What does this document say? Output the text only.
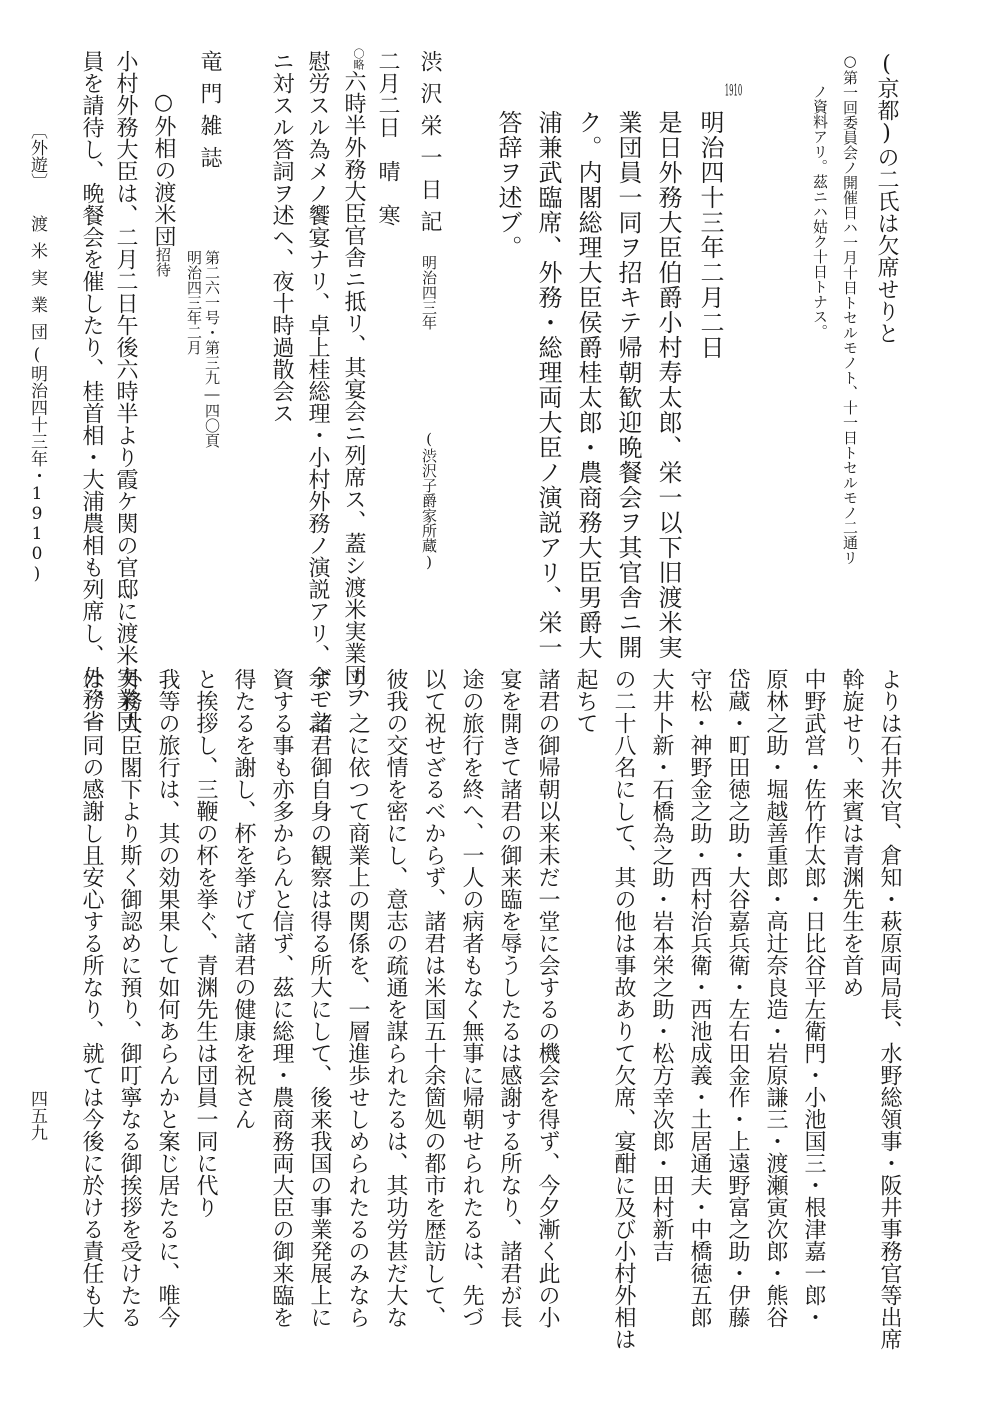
(京都)の二氏は欠席せりと
○第一回委員会ノ開催日ハ一月十日トセルモノト、十一日トセルモノ二通リ
ノ資料アリ。茲ニハ姑ク十日トナス。
1910
明治四十三年二月二日
是日外務大臣伯爵小村寿太郎、栄一以下旧渡米実
業団員一同ヲ招キテ帰朝歓迎晩餐会ヲ其官舎ニ開
ク。内閣総理大臣侯爵桂太郎・農商務大臣男爵大
浦兼武臨席、外務・総理両大臣ノ演説アリ、栄一
答辞ヲ述ブ。
渋沢栄一日記
明治四三年
(渋沢子爵家所蔵)
二月二日　晴　寒
〇略六時半外務大臣官舎ニ抵リ、其宴会ニ列席ス、蓋シ渡米実業団ヲ
慰労スル為メノ饗宴ナリ、卓上桂総理・小村外務ノ演説アリ、余モ之
ニ対スル答詞ヲ述ヘ、夜十時過散会ス
竜門雑誌
第二六一号・第三九―四〇頁
明治四三年二月
○外相の渡米団招待
小村外務大臣は、二月二日午後六時半より霞ケ関の官邸に渡米実業団
員を請待し、晩餐会を催したり、桂首相・大浦農相も列席し、外務省
〔外遊〕
渡米実業団
(明治四十三年・1910)
よりは石井次官、倉知・萩原両局長、水野総領事・阪井事務官等出席
斡旋せり、来賓は青渊先生を首め
中野武営・佐竹作太郎・日比谷平左衛門・小池国三・根津嘉一郎・
原林之助・堀越善重郎・高辻奈良造・岩原謙三・渡瀬寅次郎・熊谷
岱蔵・町田徳之助・大谷嘉兵衛・左右田金作・上遠野富之助・伊藤
守松・神野金之助・西村治兵衛・西池成義・土居通夫・中橋徳五郎
大井卜新・石橋為之助・岩本栄之助・松方幸次郎・田村新吉
の二十八名にして、其の他は事故ありて欠席、宴酣に及び小村外相は
起ちて
諸君の御帰朝以来未だ一堂に会するの機会を得ず、今夕漸く此の小
宴を開きて諸君の御来臨を辱うしたるは感謝する所なり、諸君が長
途の旅行を終へ、一人の病者もなく無事に帰朝せられたるは、先づ
以て祝せざるべからず、諸君は米国五十余箇処の都市を歴訪して、
彼我の交情を密にし、意志の疏通を謀られたるは、其功労甚だ大な
り、之に依つて商業上の関係を、一層進歩せしめられたるのみなら
ず、諸君御自身の観察は得る所大にして、後来我国の事業発展上に
資する事も亦多からんと信ず、茲に総理・農商務両大臣の御来臨を
得たるを謝し、杯を挙げて諸君の健康を祝さん
と挨拶し、三鞭の杯を挙ぐ、青渊先生は団員一同に代り
我等の旅行は、其の効果果して如何あらんかと案じ居たるに、唯今
外務大臣閣下より斯く御認めに預り、御叮寧なる御挨拶を受けたる
は、一同の感謝し且安心する所なり、就ては今後に於ける責任も大
四五九
